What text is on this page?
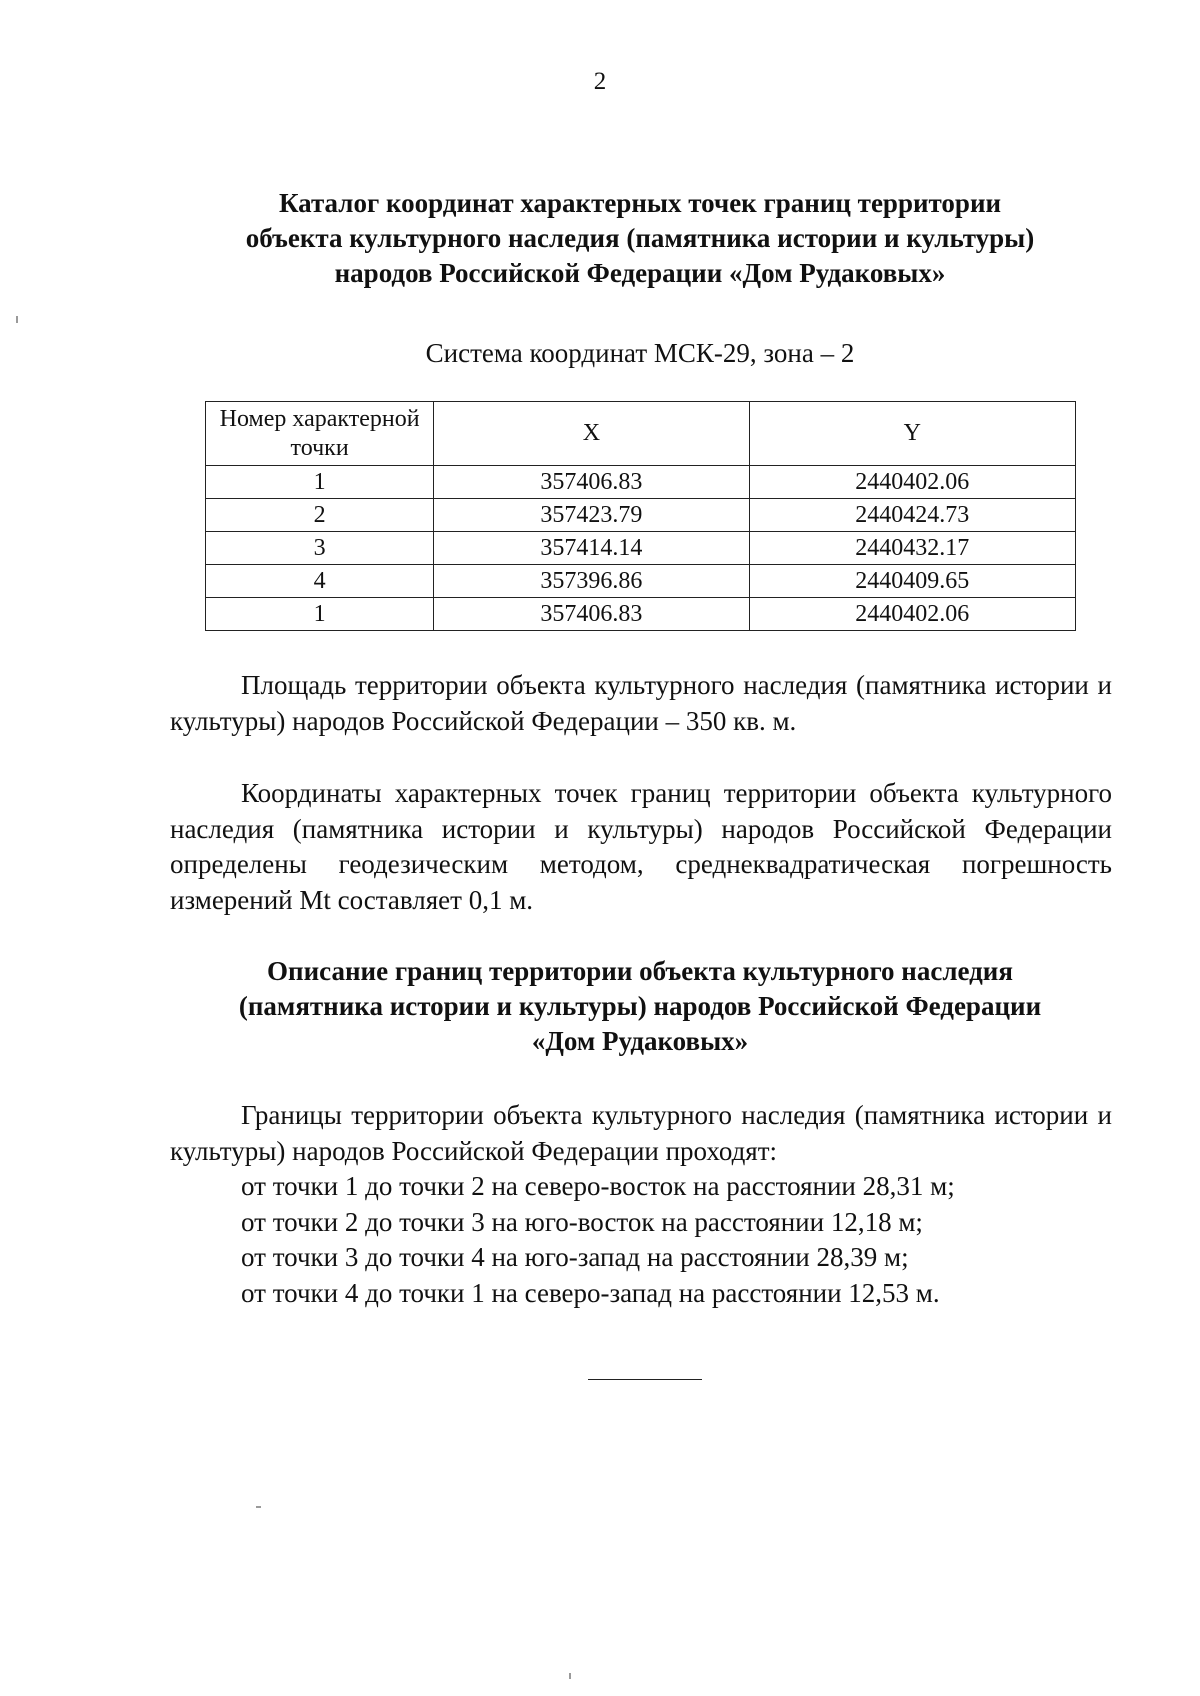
2
Каталог координат характерных точек границ территории
объекта культурного наследия (памятника истории и культуры)
народов Российской Федерации «Дом Рудаковых»
Система координат МСК-29, зона – 2
Номер характерной точки	X	Y
1	357406.83	2440402.06
2	357423.79	2440424.73
3	357414.14	2440432.17
4	357396.86	2440409.65
1	357406.83	2440402.06
Площадь территории объекта культурного наследия (памятника истории и культуры) народов Российской Федерации – 350 кв. м.
Координаты характерных точек границ территории объекта культурного наследия (памятника истории и культуры) народов Российской Федерации определены геодезическим методом, среднеквадратическая погрешность измерений Mt составляет 0,1 м.
Описание границ территории объекта культурного наследия
(памятника истории и культуры) народов Российской Федерации
«Дом Рудаковых»
Границы территории объекта культурного наследия (памятника истории и культуры) народов Российской Федерации проходят:
от точки 1 до точки 2 на северо-восток на расстоянии 28,31 м;
от точки 2 до точки 3 на юго-восток на расстоянии 12,18 м;
от точки 3 до точки 4 на юго-запад на расстоянии 28,39 м;
от точки 4 до точки 1 на северо-запад на расстоянии 12,53 м.
